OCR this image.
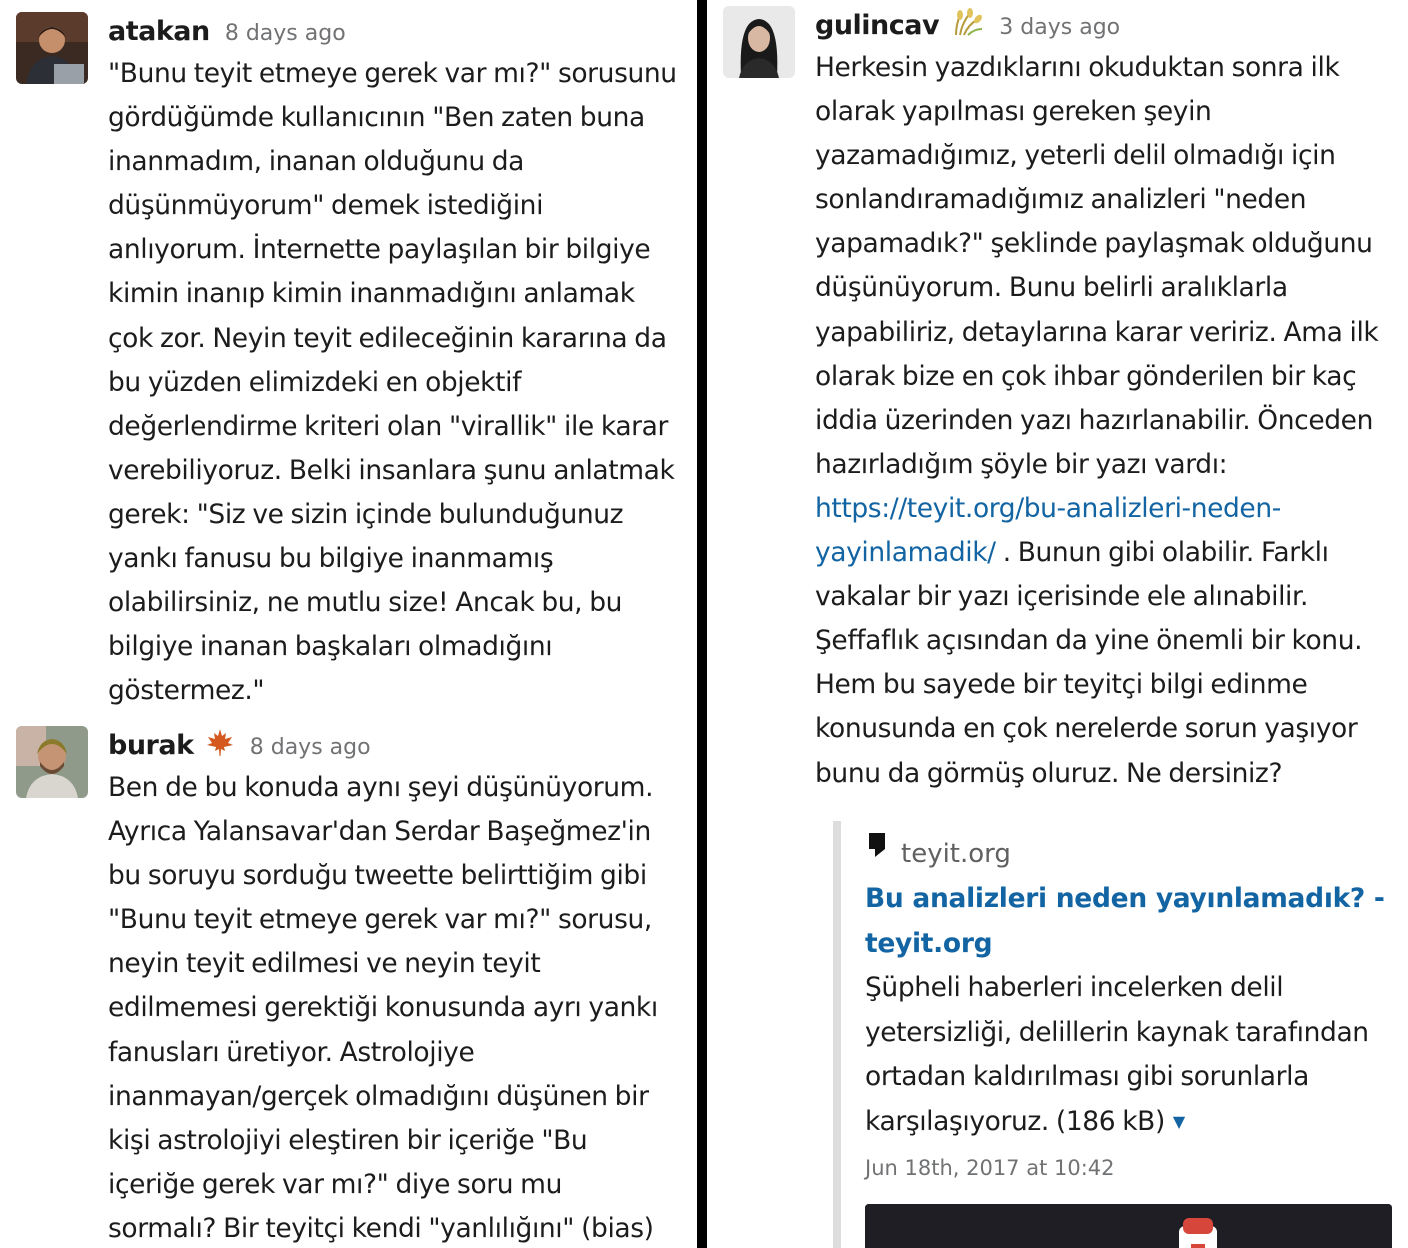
atakan 8 days ago
"Bunu teyit etmeye gerek var mı?" sorusunu
gördüğümde kullanıcının "Ben zaten buna
inanmadım, inanan olduğunu da
düşünmüyorum" demek istediğini
anlıyorum. İnternette paylaşılan bir bilgiye
kimin inanıp kimin inanmadığını anlamak
çok zor. Neyin teyit edileceğinin kararına da
bu yüzden elimizdeki en objektif
değerlendirme kriteri olan "virallik" ile karar
verebiliyoruz. Belki insanlara şunu anlatmak
gerek: "Siz ve sizin içinde bulunduğunuz
yankı fanusu bu bilgiye inanmamış
olabilirsiniz, ne mutlu size! Ancak bu, bu
bilgiye inanan başkaları olmadığını
göstermez."
burak	8 days ago
Ben de bu konuda aynı şeyi düşünüyorum.
Ayrıca Yalansavar'dan Serdar Başeğmez'in
bu soruyu sorduğu tweette belirttiğim gibi
"Bunu teyit etmeye gerek var mı?" sorusu,
neyin teyit edilmesi ve neyin teyit
edilmemesi gerektiği konusunda ayrı yankı
fanusları üretiyor. Astrolojiye
inanmayan/gerçek olmadığını düşünen bir
kişi astrolojiyi eleştiren bir içeriğe "Bu
içeriğe gerek var mı?" diye soru mu
sormalı? Bir teyitçi kendi "yanlılığını" (bias)
gulincav	3 days ago
Herkesin yazdıklarını okuduktan sonra ilk
olarak yapılması gereken şeyin
yazamadığımız, yeterli delil olmadığı için
sonlandıramadığımız analizleri "neden
yapamadık?" şeklinde paylaşmak olduğunu
düşünüyorum. Bunu belirli aralıklarla
yapabiliriz, detaylarına karar veririz. Ama ilk
olarak bize en çok ihbar gönderilen bir kaç
iddia üzerinden yazı hazırlanabilir. Önceden
hazırladığım şöyle bir yazı vardı:
https://teyit.org/bu-analizleri-neden-
yayinlamadik/ . Bunun gibi olabilir. Farklı
vakalar bir yazı içerisinde ele alınabilir.
Şeffaflık açısından da yine önemli bir konu.
Hem bu sayede bir teyitçi bilgi edinme
konusunda en çok nerelerde sorun yaşıyor
bunu da görmüş oluruz. Ne dersiniz?
teyit.org
Bu analizleri neden yayınlamadık? -
teyit.org
Şüpheli haberleri incelerken delil
yetersizliği, delillerin kaynak tarafından
ortadan kaldırılması gibi sorunlarla
karşılaşıyoruz. (186 kB) ▼
Jun 18th, 2017 at 10:42
